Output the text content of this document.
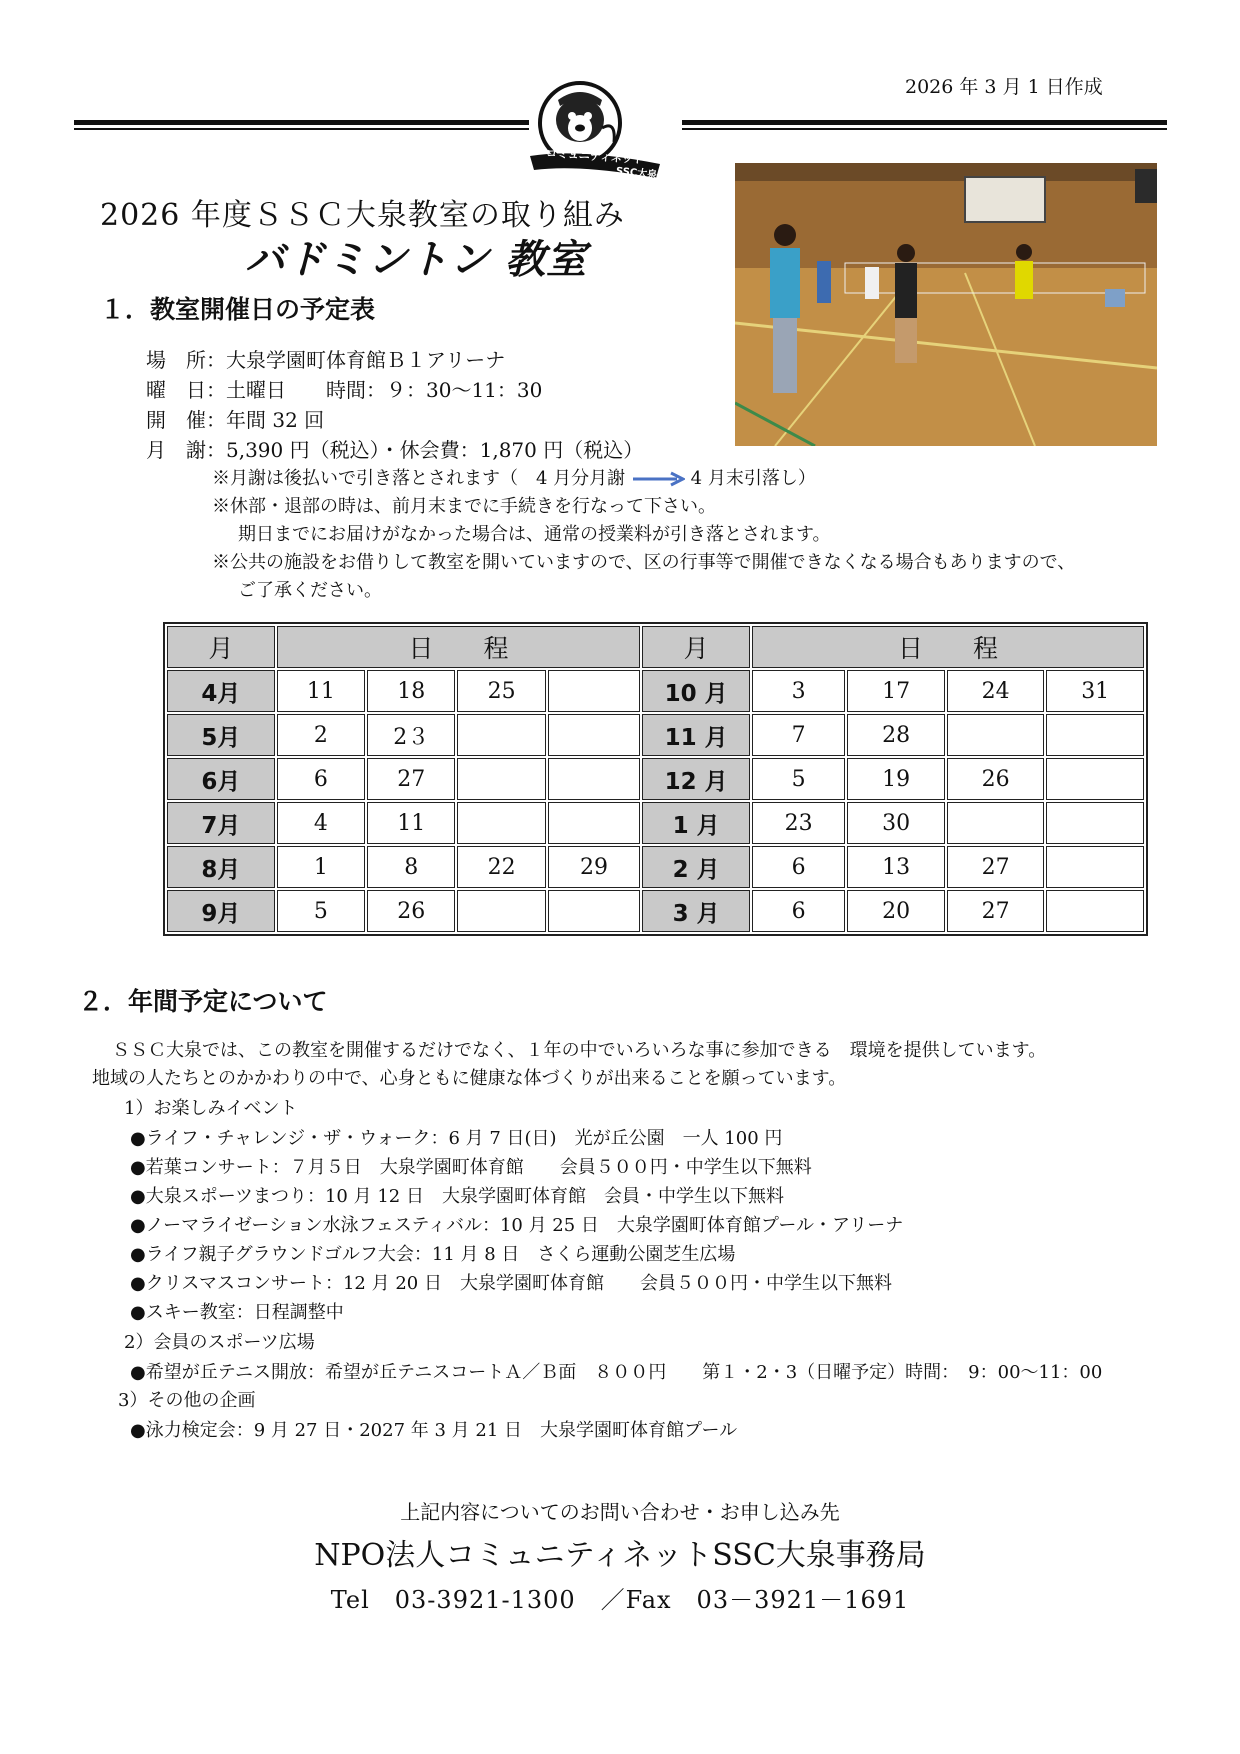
2026 年 3 月 1 日作成
コミュニティネット
SSC大泉
2026 年度ＳＳＣ大泉教室の取り組み
バドミントン 教室
１．教室開催日の予定表
場　所：大泉学園町体育館Ｂ１アリーナ
曜　日：土曜日　　時間：９：30～11：30
開　催：年間 32 回
月　謝：5,390 円（税込）・休会費：1,870 円（税込）
※月謝は後払いで引き落とされます（　4 月分月謝	4 月末引落し）
※休部・退部の時は、前月末までに手続きを行なって下さい。
期日までにお届けがなかった場合は、通常の授業料が引き落とされます。
※公共の施設をお借りして教室を開いていますので、区の行事等で開催できなくなる場合もありますので、
ご了承ください。
月	日　　程				月	日　　程			
4月	11	18	25		10 月	3	17	24	31
5月	2	2３			11 月	7	28		
6月	6	27			12 月	5	19	26	
7月	4	11			1 月	23	30		
8月	1	8	22	29	2 月	6	13	27	
9月	5	26			3 月	6	20	27	
２．年間予定について
ＳＳＣ大泉では、この教室を開催するだけでなく、１年の中でいろいろな事に参加できる　環境を提供しています。
地域の人たちとのかかわりの中で、心身ともに健康な体づくりが出来ることを願っています。
1）お楽しみイベント
●ライフ・チャレンジ・ザ・ウォーク：6 月 7 日(日)　光が丘公園　一人 100 円
●若葉コンサート：７月５日　大泉学園町体育館　　会員５００円・中学生以下無料
●大泉スポーツまつり：10 月 12 日　大泉学園町体育館　会員・中学生以下無料
●ノーマライゼーション水泳フェスティバル：10 月 25 日　大泉学園町体育館プール・アリーナ
●ライフ親子グラウンドゴルフ大会：11 月 8 日　さくら運動公園芝生広場
●クリスマスコンサート：12 月 20 日　大泉学園町体育館　　会員５００円・中学生以下無料
●スキー教室：日程調整中
2）会員のスポーツ広場
●希望が丘テニス開放：希望が丘テニスコートＡ／Ｂ面　８００円　　第１・2・3（日曜予定）時間：　9：00～11：00
3）その他の企画
●泳力検定会：9 月 27 日・2027 年 3 月 21 日　大泉学園町体育館プール
上記内容についてのお問い合わせ・お申し込み先
NPO法人コミュニティネットSSC大泉事務局
Tel　03-3921-1300　／Fax　03－3921－1691
